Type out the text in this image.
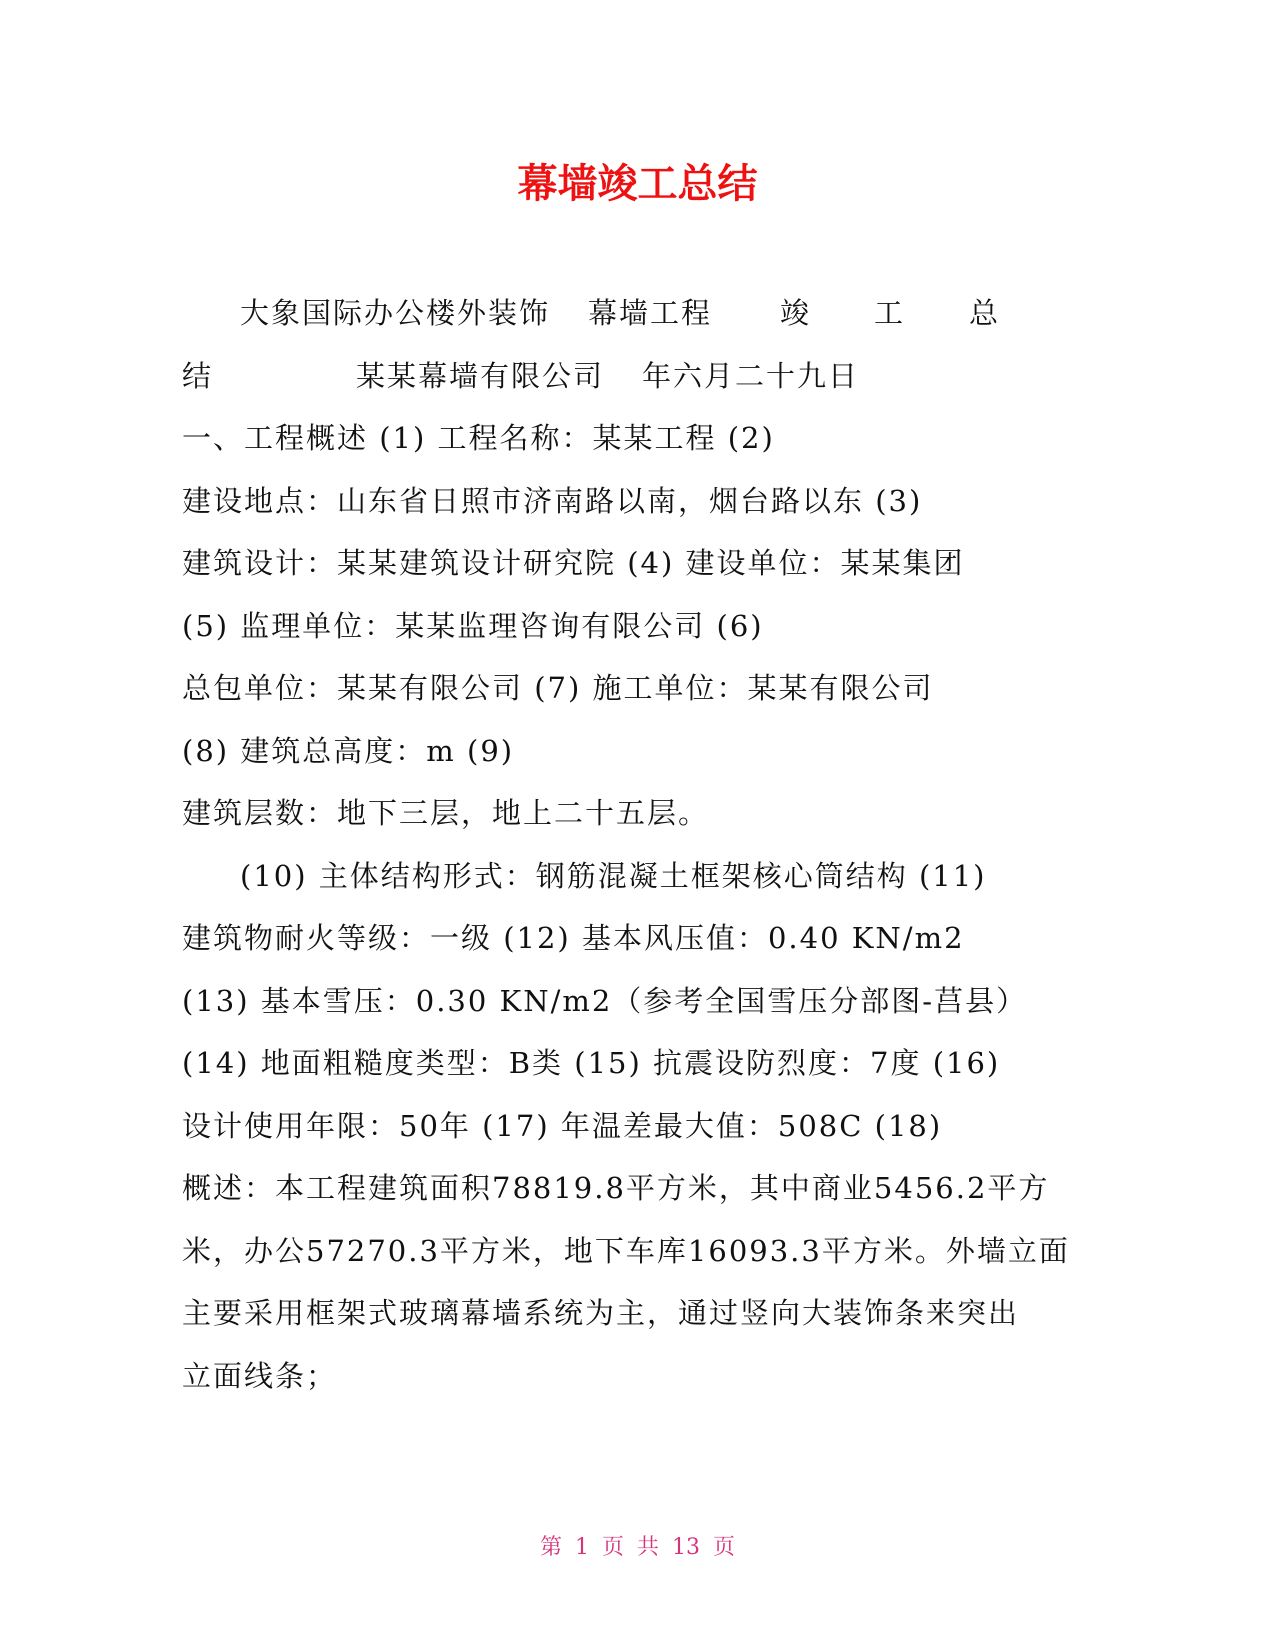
幕墙竣工总结
大象国际办公楼外装饰 幕墙工程 竣 工 总
结	某某幕墙有限公司 年六月二十九日
一、工程概述 (1) 工程名称：某某工程 (2)
建设地点：山东省日照市济南路以南，烟台路以东 (3)
建筑设计：某某建筑设计研究院 (4) 建设单位：某某集团
(5) 监理单位：某某监理咨询有限公司 (6)
总包单位：某某有限公司 (7) 施工单位：某某有限公司
(8) 建筑总高度：m (9)
建筑层数：地下三层，地上二十五层。
(10) 主体结构形式：钢筋混凝土框架核心筒结构 (11)
建筑物耐火等级：一级 (12) 基本风压值：0.40 KN/m2
(13) 基本雪压：0.30 KN/m2（参考全国雪压分部图-莒县）
(14) 地面粗糙度类型：B类 (15) 抗震设防烈度：7度 (16)
设计使用年限：50年 (17) 年温差最大值：508C (18)
概述：本工程建筑面积78819.8平方米，其中商业5456.2平方
米，办公57270.3平方米，地下车库16093.3平方米。外墙立面
主要采用框架式玻璃幕墙系统为主，通过竖向大装饰条来突出
立面线条；
第 1 页 共 13 页
